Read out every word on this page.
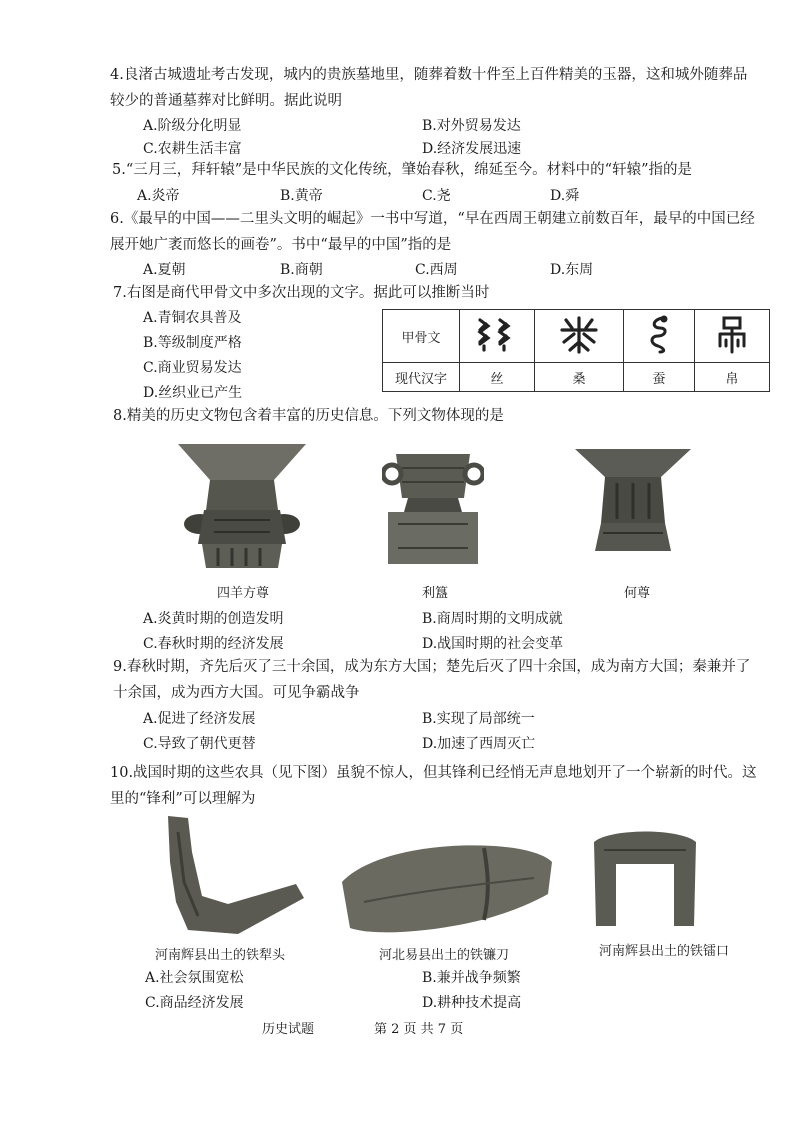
4.良渚古城遗址考古发现，城内的贵族墓地里，随葬着数十件至上百件精美的玉器，这和城外随葬品较少的普通墓葬对比鲜明。据此说明
A.阶级分化明显	B.对外贸易发达
C.农耕生活丰富	D.经济发展迅速
5.“三月三，拜轩辕”是中华民族的文化传统，肇始春秋，绵延至今。材料中的“轩辕”指的是
A.炎帝	B.黄帝	C.尧	D.舜
6.《最早的中国——二里头文明的崛起》一书中写道，“早在西周王朝建立前数百年，最早的中国已经展开她广袤而悠长的画卷”。书中“最早的中国”指的是
A.夏朝	B.商朝	C.西周	D.东周
7.右图是商代甲骨文中多次出现的文字。据此可以推断当时
A.青铜农具普及
B.等级制度严格
C.商业贸易发达
D.丝织业已产生
甲骨文				
现代汉字	丝	桑	蚕	帛
8.精美的历史文物包含着丰富的历史信息。下列文物体现的是
四羊方尊	利簋	何尊
A.炎黄时期的创造发明	B.商周时期的文明成就
C.春秋时期的经济发展	D.战国时期的社会变革
9.春秋时期，齐先后灭了三十余国，成为东方大国；楚先后灭了四十余国，成为南方大国；秦兼并了十余国，成为西方大国。可见争霸战争
A.促进了经济发展	B.实现了局部统一
C.导致了朝代更替	D.加速了西周灭亡
10.战国时期的这些农具（见下图）虽貌不惊人，但其锋利已经悄无声息地划开了一个崭新的时代。这里的“锋利”可以理解为
河南辉县出土的铁犁头	河北易县出土的铁镰刀	河南辉县出土的铁镭口
A.社会氛围宽松	B.兼并战争频繁
C.商品经济发展	D.耕种技术提高
历史试题	第 2 页 共 7 页
